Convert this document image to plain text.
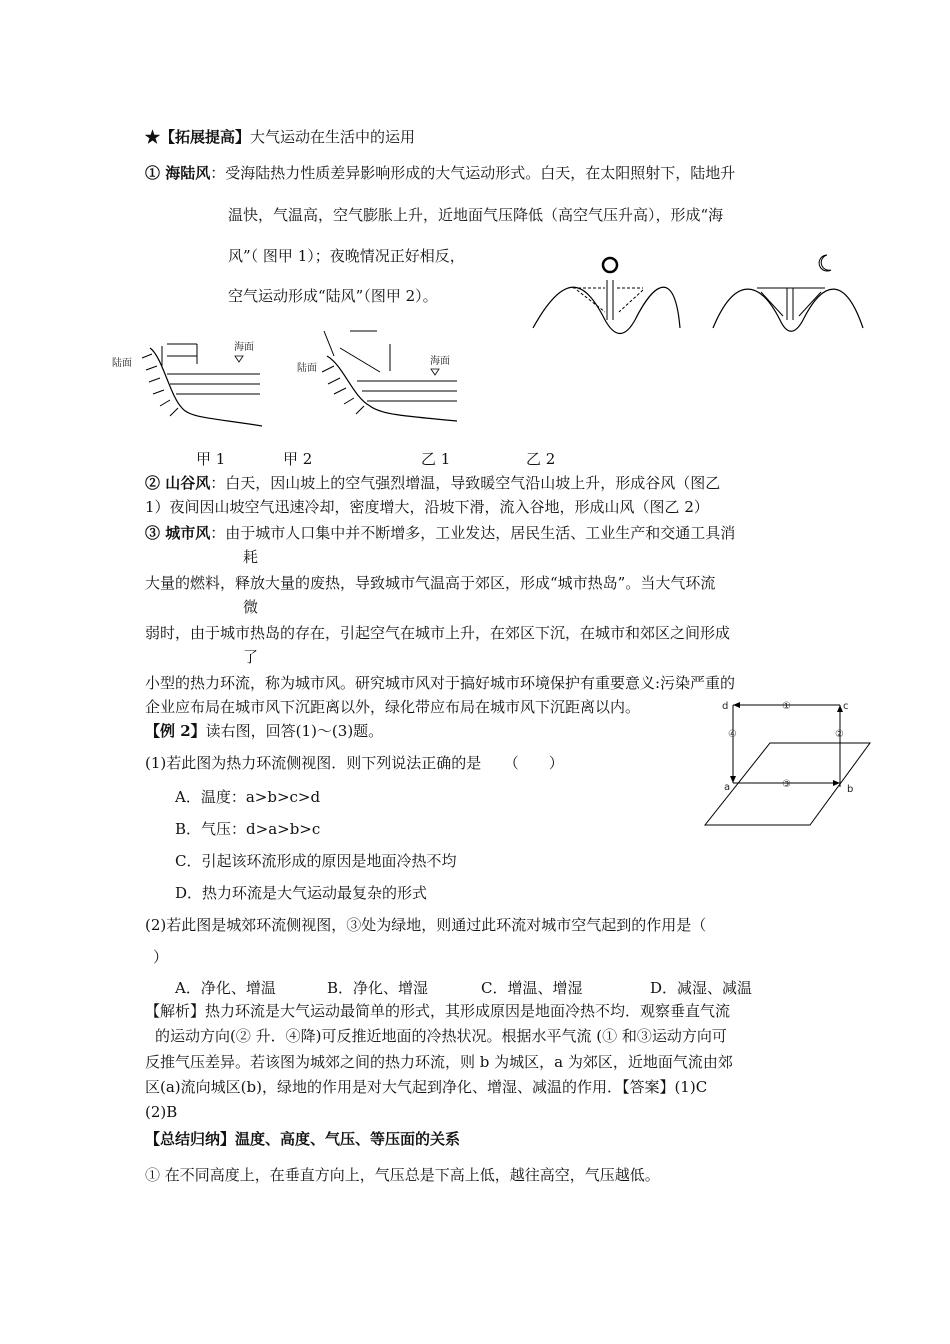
★【拓展提高】大气运动在生活中的运用
① 海陆风：受海陆热力性质差异影响形成的大气运动形式。白天，在太阳照射下，陆地升
温快，气温高，空气膨胀上升，近地面气压降低（高空气压升高），形成“海
风”（ 图甲 1）；夜晚情况正好相反，
空气运动形成“陆风”（图甲 2）。
陆面
海面
陆面
海面
甲 1	甲 2	乙 1	乙 2
② 山谷风：白天，因山坡上的空气强烈增温，导致暖空气沿山坡上升，形成谷风（图乙
1）夜间因山坡空气迅速冷却，密度增大，沿坡下滑，流入谷地，形成山风（图乙 2）
③ 城市风：由于城市人口集中并不断增多，工业发达，居民生活、工业生产和交通工具消
耗
大量的燃料，释放大量的废热，导致城市气温高于郊区，形成“城市热岛”。当大气环流
微
弱时，由于城市热岛的存在，引起空气在城市上升，在郊区下沉，在城市和郊区之间形成
了
小型的热力环流，称为城市风。研究城市风对于搞好城市环境保护有重要意义:污染严重的
企业应布局在城市风下沉距离以外，绿化带应布局在城市风下沉距离以内。
【例 2】读右图，回答(1)～(3)题。
(1)若此图为热力环流侧视图．则下列说法正确的是　　（　　）
A．温度：a>b>c>d
B．气压：d>a>b>c
C．引起该环流形成的原因是地面冷热不均
D．热力环流是大气运动最复杂的形式
(2)若此图是城郊环流侧视图，③处为绿地，则通过此环流对城市空气起到的作用是（
）
A．净化、增温	B．净化、增湿	C．增温、增湿	D．减湿、减温
d	c
a	b
①
④	②
③
【解析】热力环流是大气运动最简单的形式，其形成原因是地面冷热不均．观察垂直气流
的运动方向(② 升．④降)可反推近地面的冷热状况。根据水平气流 (① 和③运动方向可
反推气压差异。若该图为城郊之间的热力环流，则 b 为城区，a 为郊区，近地面气流由郊
区(a)流向城区(b)，绿地的作用是对大气起到净化、增湿、减温的作用．【答案】(1)C
(2)B
【总结归纳】温度、高度、气压、等压面的关系
① 在不同高度上，在垂直方向上，气压总是下高上低，越往高空，气压越低。
